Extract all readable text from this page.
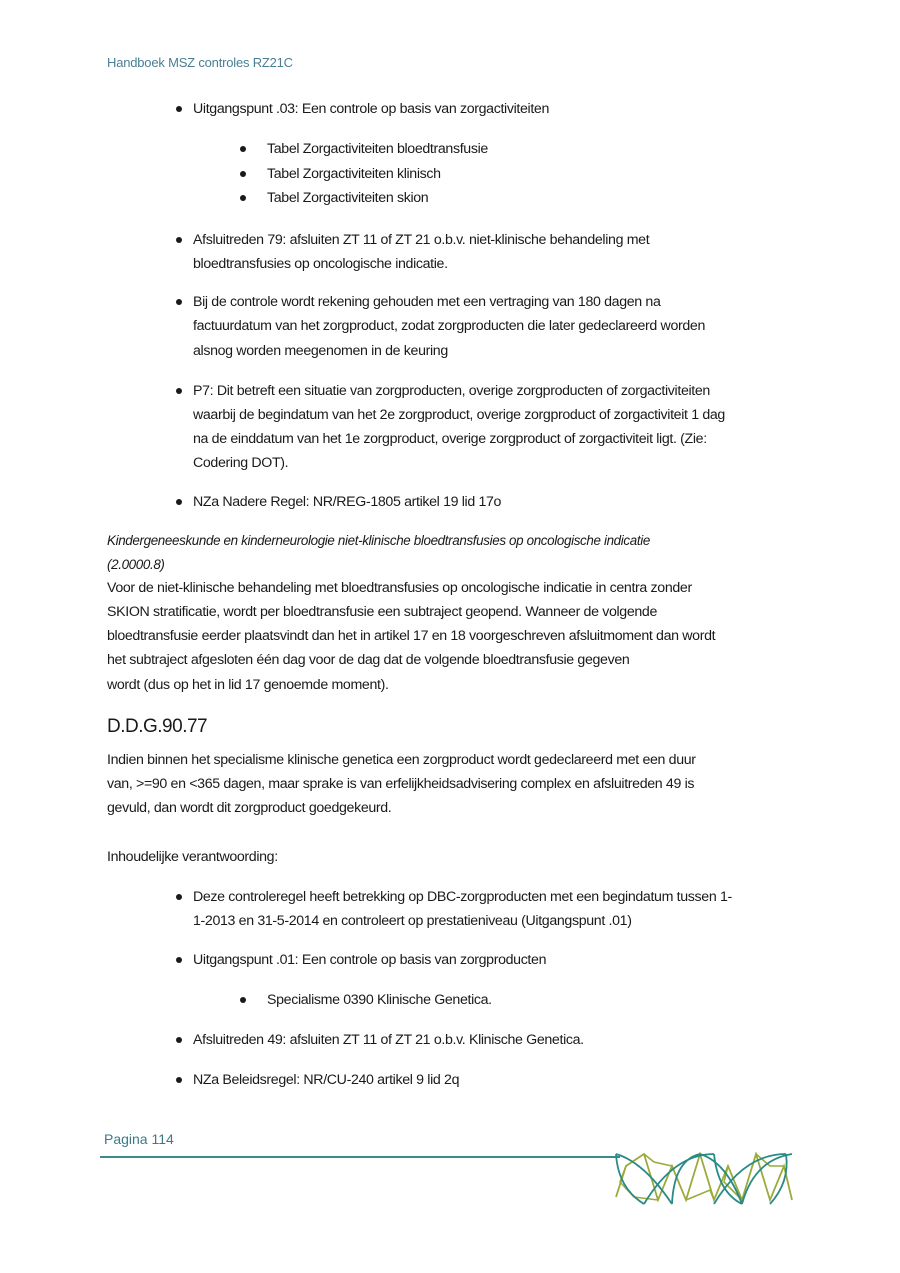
Handboek MSZ controles RZ21C
Uitgangspunt .03: Een controle op basis van zorgactiviteiten
Tabel Zorgactiviteiten bloedtransfusie
Tabel Zorgactiviteiten klinisch
Tabel Zorgactiviteiten skion
Afsluitreden 79: afsluiten ZT 11 of ZT 21 o.b.v. niet-klinische behandeling met
bloedtransfusies op oncologische indicatie.
Bij de controle wordt rekening gehouden met een vertraging van 180 dagen na
factuurdatum van het zorgproduct, zodat zorgproducten die later gedeclareerd worden
alsnog worden meegenomen in de keuring
P7: Dit betreft een situatie van zorgproducten, overige zorgproducten of zorgactiviteiten
waarbij de begindatum van het 2e zorgproduct, overige zorgproduct of zorgactiviteit 1 dag
na de einddatum van het 1e zorgproduct, overige zorgproduct of zorgactiviteit ligt. (Zie:
Codering DOT).
NZa Nadere Regel: NR/REG-1805 artikel 19 lid 17o
Kindergeneeskunde en kinderneurologie niet-klinische bloedtransfusies op oncologische indicatie
(2.0000.8)
Voor de niet-klinische behandeling met bloedtransfusies op oncologische indicatie in centra zonder
SKION stratificatie, wordt per bloedtransfusie een subtraject geopend. Wanneer de volgende
bloedtransfusie eerder plaatsvindt dan het in artikel 17 en 18 voorgeschreven afsluitmoment dan wordt
het subtraject afgesloten één dag voor de dag dat de volgende bloedtransfusie gegeven
wordt (dus op het in lid 17 genoemde moment).
D.D.G.90.77
Indien binnen het specialisme klinische genetica een zorgproduct wordt gedeclareerd met een duur
van, >=90 en <365 dagen, maar sprake is van erfelijkheidsadvisering complex en afsluitreden 49 is
gevuld, dan wordt dit zorgproduct goedgekeurd.
Inhoudelijke verantwoording:
Deze controleregel heeft betrekking op DBC-zorgproducten met een begindatum tussen 1-
1-2013 en 31-5-2014 en controleert op prestatieniveau (Uitgangspunt .01)
Uitgangspunt .01: Een controle op basis van zorgproducten
Specialisme 0390 Klinische Genetica.
Afsluitreden 49: afsluiten ZT 11 of ZT 21 o.b.v. Klinische Genetica.
NZa Beleidsregel: NR/CU-240 artikel 9 lid 2q
Pagina 114
